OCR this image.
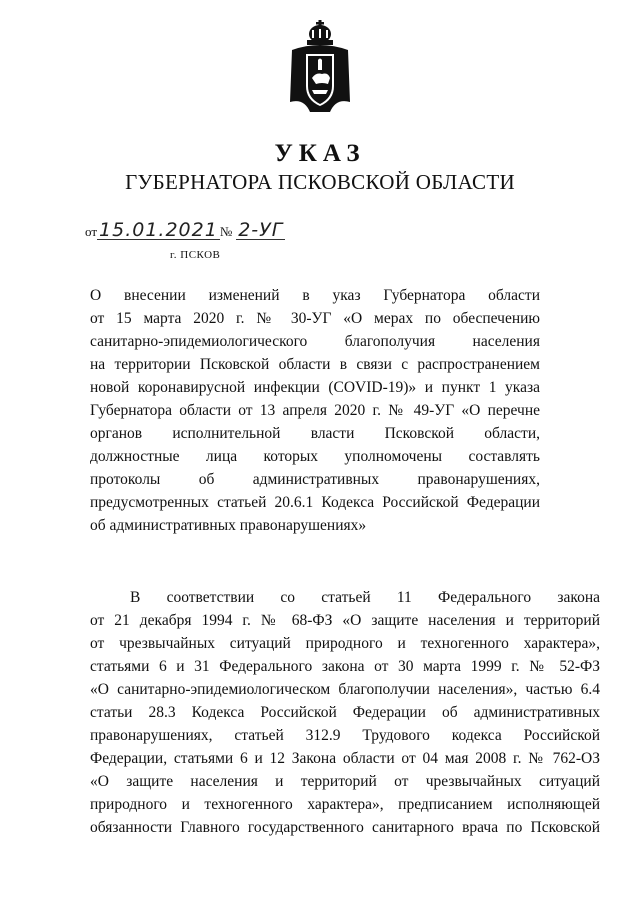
УКАЗ
ГУБЕРНАТОРА ПСКОВСКОЙ ОБЛАСТИ
от 15.01.2021 № 2-УГ
г. ПСКОВ
О внесении изменений в указ Губернатора области
от 15 марта 2020 г. № 30-УГ «О мерах по обеспечению
санитарно-эпидемиологического благополучия населения
на территории Псковской области в связи с распространением
новой коронавирусной инфекции (COVID-19)» и пункт 1 указа
Губернатора области от 13 апреля 2020 г. № 49-УГ «О перечне
органов исполнительной власти Псковской области,
должностные лица которых уполномочены составлять
протоколы об административных правонарушениях,
предусмотренных статьей 20.6.1 Кодекса Российской Федерации
об административных правонарушениях»
В соответствии со статьей 11 Федерального закона
от 21 декабря 1994 г. № 68-ФЗ «О защите населения и территорий
от чрезвычайных ситуаций природного и техногенного характера»,
статьями 6 и 31 Федерального закона от 30 марта 1999 г. № 52-ФЗ
«О санитарно-эпидемиологическом благополучии населения», частью 6.4
статьи 28.3 Кодекса Российской Федерации об административных
правонарушениях, статьей 312.9 Трудового кодекса Российской
Федерации, статьями 6 и 12 Закона области от 04 мая 2008 г. № 762-ОЗ
«О защите населения и территорий от чрезвычайных ситуаций
природного и техногенного характера», предписанием исполняющей
обязанности Главного государственного санитарного врача по Псковской
